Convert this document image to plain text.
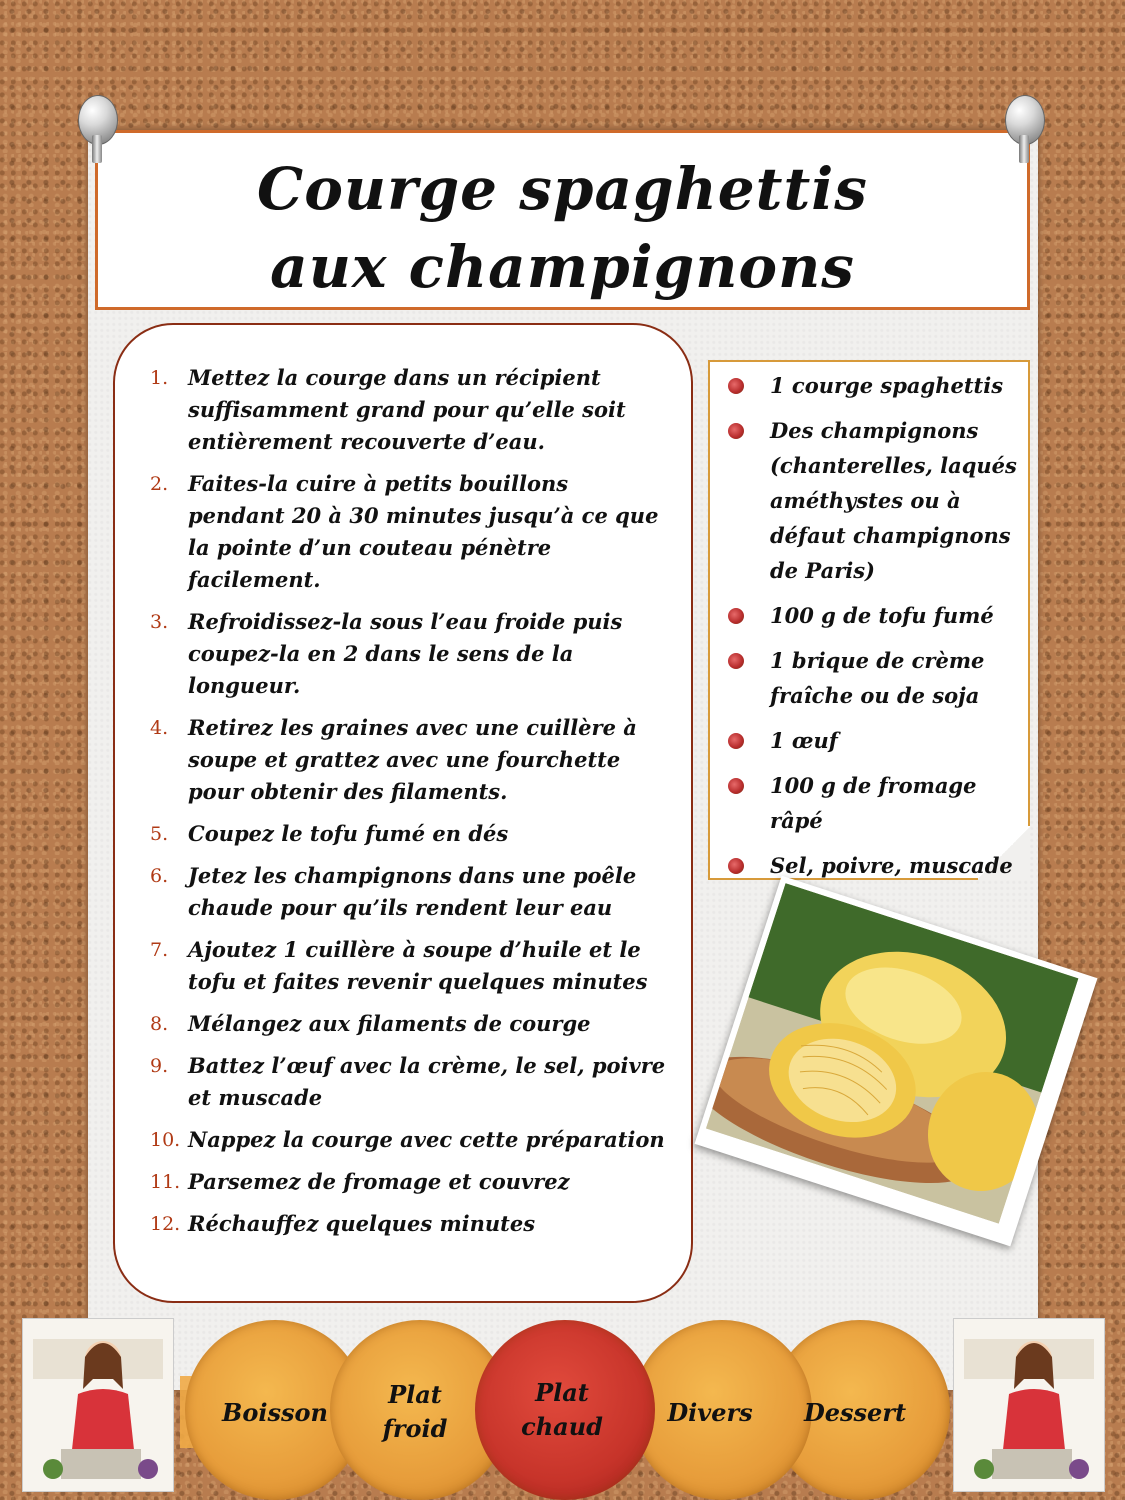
Courge spaghettis
aux champignons
1. Mettez la courge dans un récipient suffisamment grand pour qu’elle soit entièrement recouverte d’eau.
2. Faites-la cuire à petits bouillons pendant 20 à 30 minutes jusqu’à ce que la pointe d’un couteau pénètre facilement.
3. Refroidissez-la sous l’eau froide puis coupez-la en 2 dans le sens de la longueur.
4. Retirez les graines avec une cuillère à soupe et grattez avec une fourchette pour obtenir des filaments.
5. Coupez le tofu fumé en dés
6. Jetez les champignons dans une poêle chaude pour qu’ils rendent leur eau
7. Ajoutez 1 cuillère à soupe d’huile et le tofu et faites revenir quelques minutes
8. Mélangez aux filaments de courge
9. Battez l’œuf avec la crème, le sel, poivre et muscade
10. Nappez la courge avec cette préparation
11. Parsemez de fromage et couvrez
12. Réchauffez quelques minutes
1 courge spaghettis
Des champignons (chanterelles, laqués améthystes ou à défaut champignons de Paris)
100 g de tofu fumé
1 brique de crème fraîche ou de soja
1 œuf
100 g de fromage râpé
Sel, poivre, muscade
Boisson
Plat
froid
Plat
chaud	Divers	Dessert
